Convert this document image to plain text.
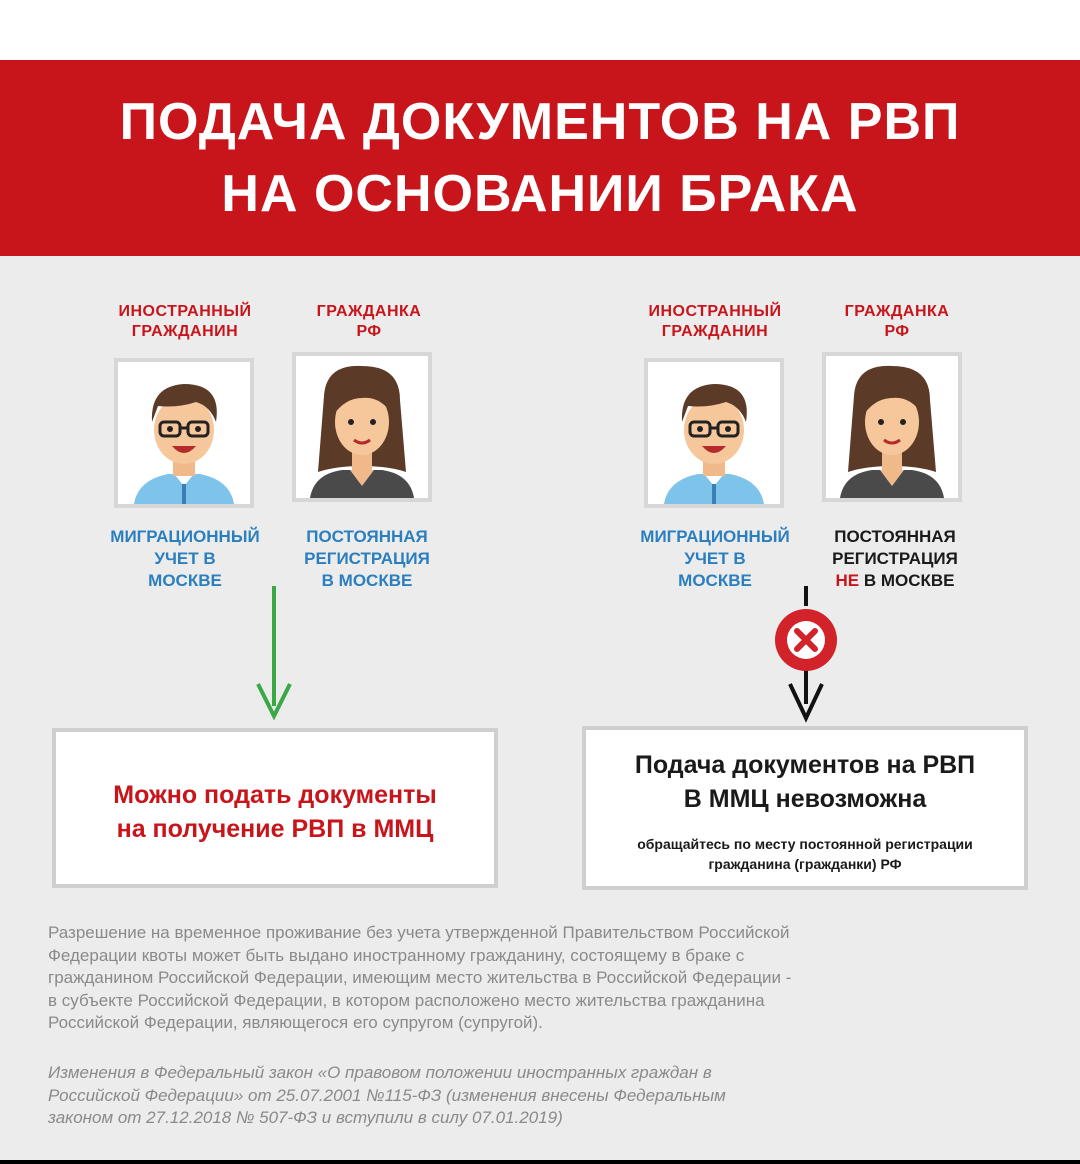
ПОДАЧА ДОКУМЕНТОВ НА РВП
НА ОСНОВАНИИ БРАКА
ИНОСТРАННЫЙ
ГРАЖДАНИН
ГРАЖДАНКА
РФ
МИГРАЦИОННЫЙ
УЧЕТ В
МОСКВЕ
ПОСТОЯННАЯ
РЕГИСТРАЦИЯ
В МОСКВЕ
Можно подать документы
на получение РВП в ММЦ
ИНОСТРАННЫЙ
ГРАЖДАНИН
ГРАЖДАНКА
РФ
МИГРАЦИОННЫЙ
УЧЕТ В
МОСКВЕ
ПОСТОЯННАЯ
РЕГИСТРАЦИЯ
НЕ В МОСКВЕ
Подача документов на РВП
В ММЦ невозможна
обращайтесь по месту постоянной регистрации
гражданина (гражданки) РФ
Разрешение на временное проживание без учета утвержденной Правительством Российской
Федерации квоты может быть выдано иностранному гражданину, состоящему в браке с
гражданином Российской Федерации, имеющим место жительства в Российской Федерации -
в субъекте Российской Федерации, в котором расположено место жительства гражданина
Российской Федерации, являющегося его супругом (супругой).
Изменения в Федеральный закон «О правовом положении иностранных граждан в
Российской Федерации» от 25.07.2001 №115-ФЗ (изменения внесены Федеральным
законом от 27.12.2018 № 507-ФЗ и вступили в силу 07.01.2019)
